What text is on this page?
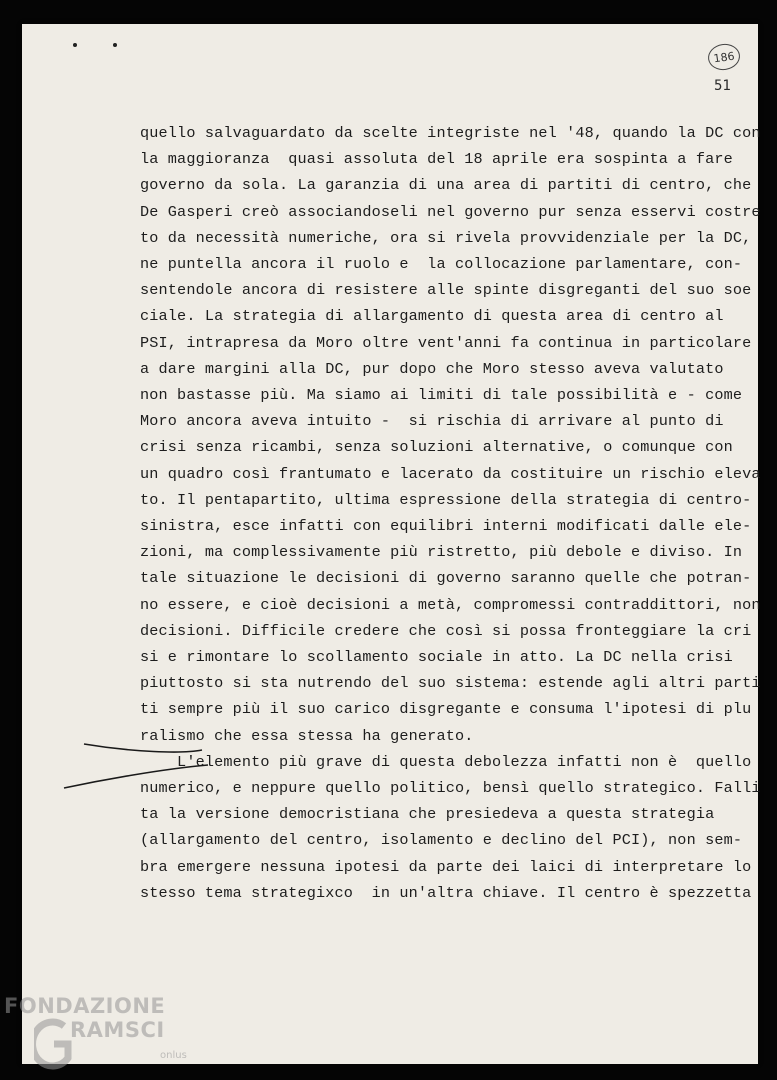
186
51
quello salvaguardato da scelte integriste nel '48, quando la DC con
la maggioranza  quasi assoluta del 18 aprile era sospinta a fare
governo da sola. La garanzia di una area di partiti di centro, che
De Gasperi creò associandoseli nel governo pur senza esservi costre
to da necessità numeriche, ora si rivela provvidenziale per la DC,
ne puntella ancora il ruolo e  la collocazione parlamentare, con-
sentendole ancora di resistere alle spinte disgreganti del suo soe
ciale. La strategia di allargamento di questa area di centro al
PSI, intrapresa da Moro oltre vent'anni fa continua in particolare
a dare margini alla DC, pur dopo che Moro stesso aveva valutato
non bastasse più. Ma siamo ai limiti di tale possibilità e - come
Moro ancora aveva intuito -  si rischia di arrivare al punto di
crisi senza ricambi, senza soluzioni alternative, o comunque con
un quadro così frantumato e lacerato da costituire un rischio eleva
to. Il pentapartito, ultima espressione della strategia di centro-
sinistra, esce infatti con equilibri interni modificati dalle ele-
zioni, ma complessivamente più ristretto, più debole e diviso. In
tale situazione le decisioni di governo saranno quelle che potran-
no essere, e cioè decisioni a metà, compromessi contraddittori, non
decisioni. Difficile credere che così si possa fronteggiare la cri
si e rimontare lo scollamento sociale in atto. La DC nella crisi
piuttosto si sta nutrendo del suo sistema: estende agli altri parti
ti sempre più il suo carico disgregante e consuma l'ipotesi di plu
ralismo che essa stessa ha generato.
L'elemento più grave di questa debolezza infatti non è  quello
numerico, e neppure quello politico, bensì quello strategico. Falli
ta la versione democristiana che presiedeva a questa strategia
(allargamento del centro, isolamento e declino del PCI), non sem-
bra emergere nessuna ipotesi da parte dei laici di interpretare lo
stesso tema strategixco  in un'altra chiave. Il centro è spezzetta
FONDAZIONE
RAMSCI
onlus
